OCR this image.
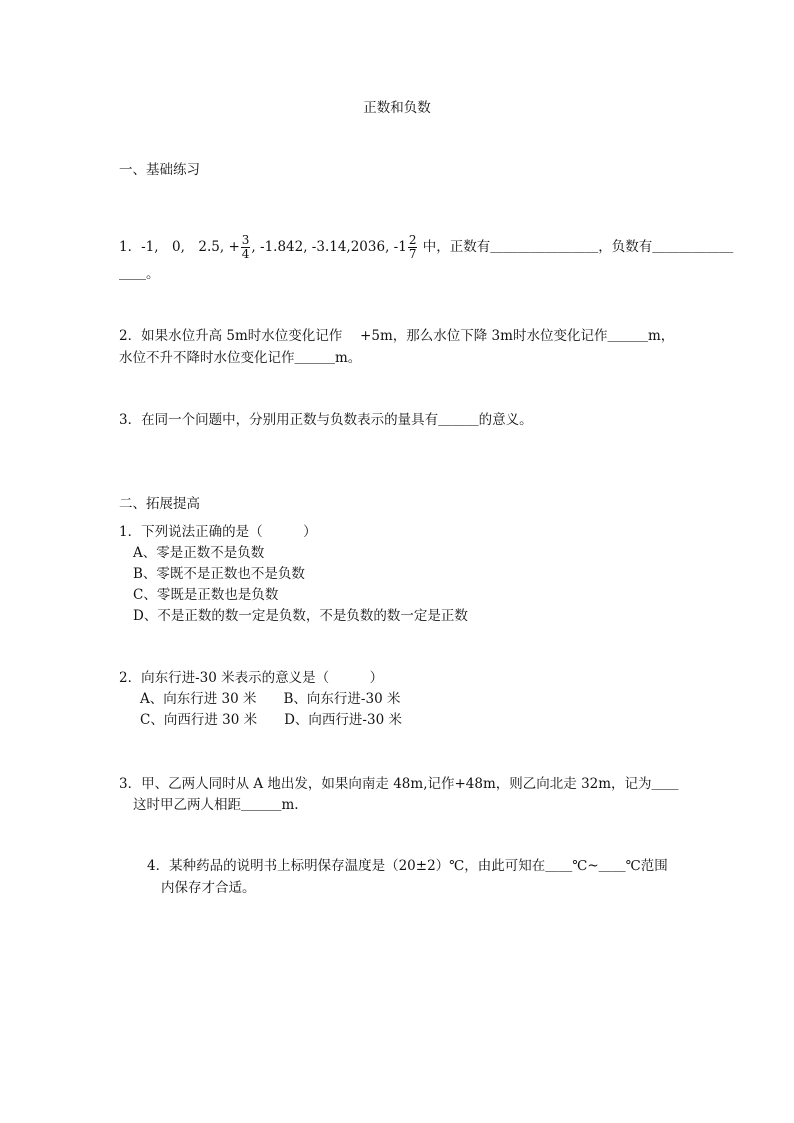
正数和负数
一、基础练习
1．-1,　0,　2.5, + $\frac{3}{4}$ , -1.842, -3.14,2036, $-1 \frac{2}{7}$ 中，正数有＿＿＿＿＿＿＿＿，负数有＿＿＿＿＿＿
＿＿。
2．如果水位升高 5m时水位变化记作　 +5m，那么水位下降 3m时水位变化记作＿＿＿m，
水位不升不降时水位变化记作＿＿＿m。
3．在同一个问题中，分别用正数与负数表示的量具有＿＿＿的意义。
二、拓展提高
1．下列说法正确的是（　　　）
A、零是正数不是负数
B、零既不是正数也不是负数
C、零既是正数也是负数
D、不是正数的数一定是负数，不是负数的数一定是正数
2．向东行进-30 米表示的意义是（　　　）
A、向东行进 30 米　　B、向东行进-30 米
C、向西行进 30 米　　D、向西行进-30 米
3．甲、乙两人同时从 A 地出发，如果向南走 48m,记作+48m，则乙向北走 32m，记为＿＿
这时甲乙两人相距＿＿＿m.
4．某种药品的说明书上标明保存温度是（20±2）℃，由此可知在＿＿℃~＿＿℃范围
内保存才合适。
